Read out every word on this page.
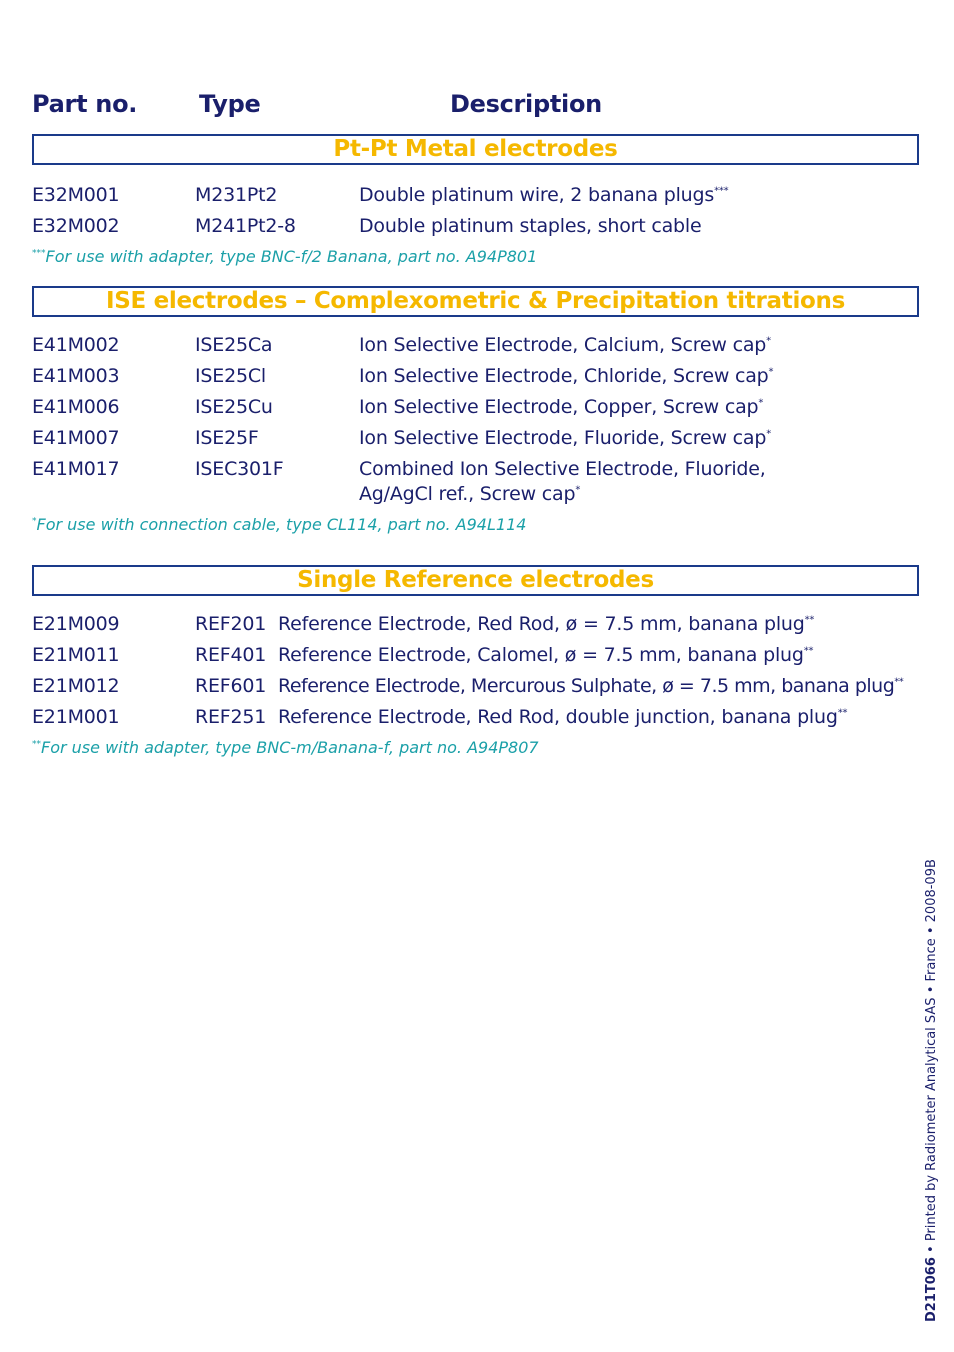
Part no.	Type	Description
Pt-Pt Metal electrodes
E32M001	M231Pt2	Double platinum wire, 2 banana plugs***
E32M002	M241Pt2-8	Double platinum staples, short cable
***For use with adapter, type BNC-f/2 Banana, part no. A94P801
ISE electrodes – Complexometric & Precipitation titrations
E41M002	ISE25Ca	Ion Selective Electrode, Calcium, Screw cap*
E41M003	ISE25Cl	Ion Selective Electrode, Chloride, Screw cap*
E41M006	ISE25Cu	Ion Selective Electrode, Copper, Screw cap*
E41M007	ISE25F	Ion Selective Electrode, Fluoride, Screw cap*
E41M017	ISEC301F	Combined Ion Selective Electrode, Fluoride,
Ag/AgCl ref., Screw cap*
*For use with connection cable, type CL114, part no. A94L114
Single Reference electrodes
E21M009	REF201 Reference Electrode, Red Rod, ø = 7.5 mm, banana plug**
E21M011	REF401 Reference Electrode, Calomel, ø = 7.5 mm, banana plug**
E21M012	REF601 Reference Electrode, Mercurous Sulphate, ø = 7.5 mm, banana plug**
E21M001	REF251 Reference Electrode, Red Rod, double junction, banana plug**
**For use with adapter, type BNC-m/Banana-f, part no. A94P807
D21T066 • Printed by Radiometer Analytical SAS • France • 2008-09B
